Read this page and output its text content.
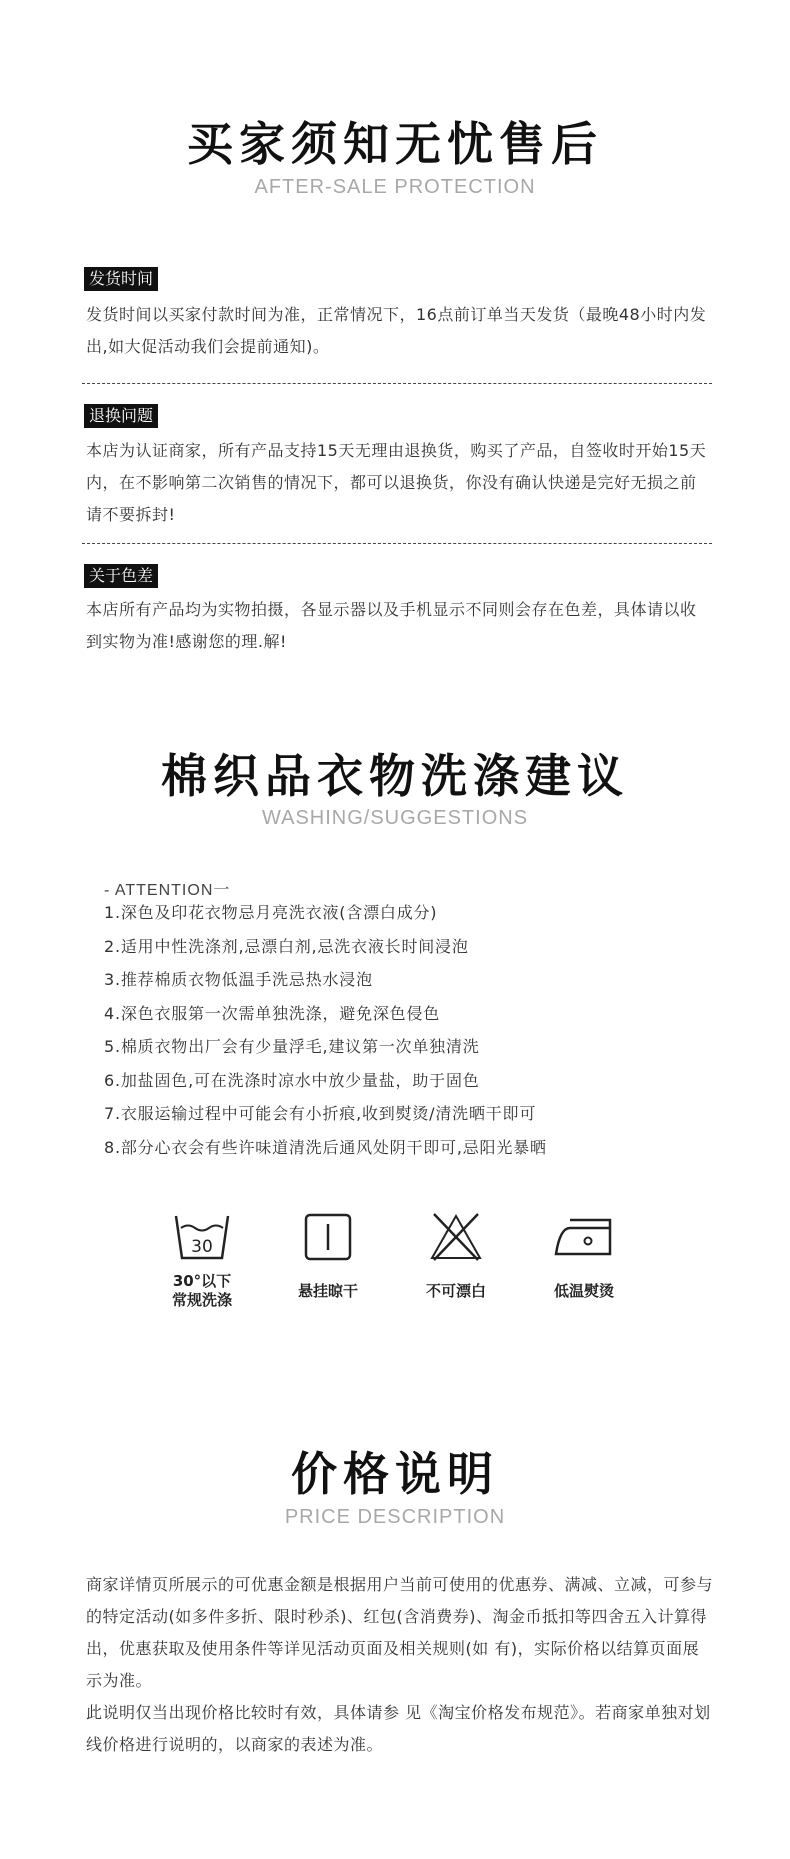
买家须知无忧售后
AFTER-SALE PROTECTION
发货时间
发货时间以买家付款时间为准，正常情况下，16点前订单当天发货（最晚48小时内发出,如大促活动我们会提前通知)。
退换问题
本店为认证商家，所有产品支持15天无理由退换货，购买了产品，自签收时开始15天内，在不影响第二次销售的情况下，都可以退换货，你没有确认快递是完好无损之前请不要拆封!
关于色差
本店所有产品均为实物拍摄，各显示器以及手机显示不同则会存在色差，具体请以收到实物为准!感谢您的理.解!
棉织品衣物洗涤建议
WASHING/SUGGESTIONS
- ATTENTION一
1.深色及印花衣物忌月亮洗衣液(含漂白成分)
2.适用中性洗涤剂,忌漂白剂,忌洗衣液长时间浸泡
3.推荐棉质衣物低温手洗忌热水浸泡
4.深色衣服第一次需单独洗涤，避免深色侵色
5.棉质衣物出厂会有少量浮毛,建议第一次单独清洗
6.加盐固色,可在洗涤时凉水中放少量盐，助于固色
7.衣服运输过程中可能会有小折痕,收到熨烫/清洗晒干即可
8.部分心衣会有些许味道清洗后通风处阴干即可,忌阳光暴晒
30
30°以下
常规洗涤	悬挂晾干	不可漂白	低温熨烫
价格说明
PRICE DESCRIPTION
商家详情页所展示的可优惠金额是根据用户当前可使用的优惠券、满减、立减，可参与的特定活动(如多件多折、限时秒杀)、红包(含消费券)、淘金币抵扣等四舍五入计算得出，优惠获取及使用条件等详见活动页面及相关规则(如 有)，实际价格以结算页面展示为准。
此说明仅当出现价格比较时有效，具体请参 见《淘宝价格发布规范》。若商家单独对划线价格进行说明的，以商家的表述为准。
